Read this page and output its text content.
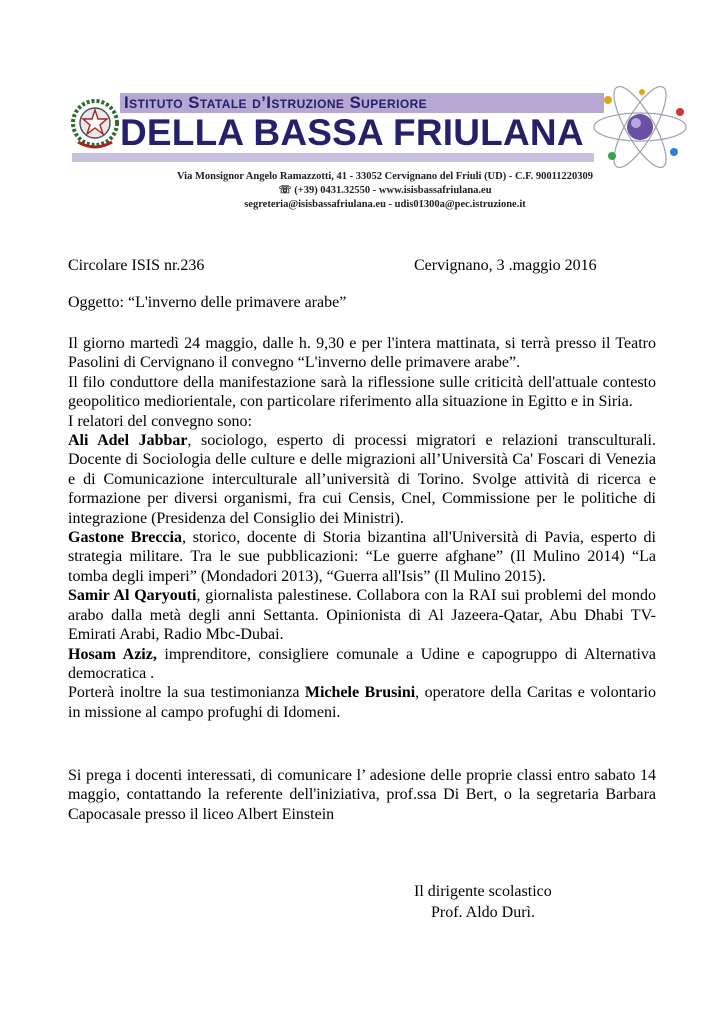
Istituto Statale d’Istruzione Superiore
DELLA BASSA FRIULANA
Via Monsignor Angelo Ramazzotti, 41 - 33052 Cervignano del Friuli (UD) - C.F. 90011220309
☏ (+39) 0431.32550 - www.isisbassafriulana.eu
segreteria@isisbassafriulana.eu - udis01300a@pec.istruzione.it
Circolare ISIS nr.236	Cervignano, 3 .maggio 2016
Oggetto: “L'inverno delle primavere arabe”
Il giorno martedì 24 maggio, dalle h. 9,30 e per l'intera mattinata, si terrà presso il Teatro Pasolini di Cervignano il convegno “L'inverno delle primavere arabe”.
Il filo conduttore della manifestazione sarà la riflessione sulle criticità dell'attuale contesto geopolitico mediorientale, con particolare riferimento alla situazione in Egitto e in Siria.
I relatori del convegno sono:
Ali Adel Jabbar, sociologo, esperto di processi migratori e relazioni transculturali. Docente di Sociologia delle culture e delle migrazioni all’Università Ca' Foscari di Venezia e di Comunicazione interculturale all’università di Torino. Svolge attività di ricerca e formazione per diversi organismi, fra cui Censis, Cnel, Commissione per le politiche di integrazione (Presidenza del Consiglio dei Ministri).
Gastone Breccia, storico, docente di Storia bizantina all'Università di Pavia, esperto di strategia militare. Tra le sue pubblicazioni: “Le guerre afghane” (Il Mulino 2014) “La tomba degli imperi” (Mondadori 2013), “Guerra all'Isis” (Il Mulino 2015).
Samir Al Qaryouti, giornalista palestinese. Collabora con la RAI sui problemi del mondo arabo dalla metà degli anni Settanta. Opinionista di Al Jazeera-Qatar, Abu Dhabi TV-Emirati Arabi, Radio Mbc-Dubai.
Hosam Aziz, imprenditore, consigliere comunale a Udine e capogruppo di Alternativa democratica .
Porterà inoltre la sua testimonianza Michele Brusini, operatore della Caritas e volontario in missione al campo profughi di Idomeni.
Si prega i docenti interessati, di comunicare l’ adesione delle proprie classi entro sabato 14 maggio, contattando la referente dell'iniziativa, prof.ssa Di Bert, o la segretaria Barbara Capocasale presso il liceo Albert Einstein
Il dirigente scolastico
Prof. Aldo Durì.
